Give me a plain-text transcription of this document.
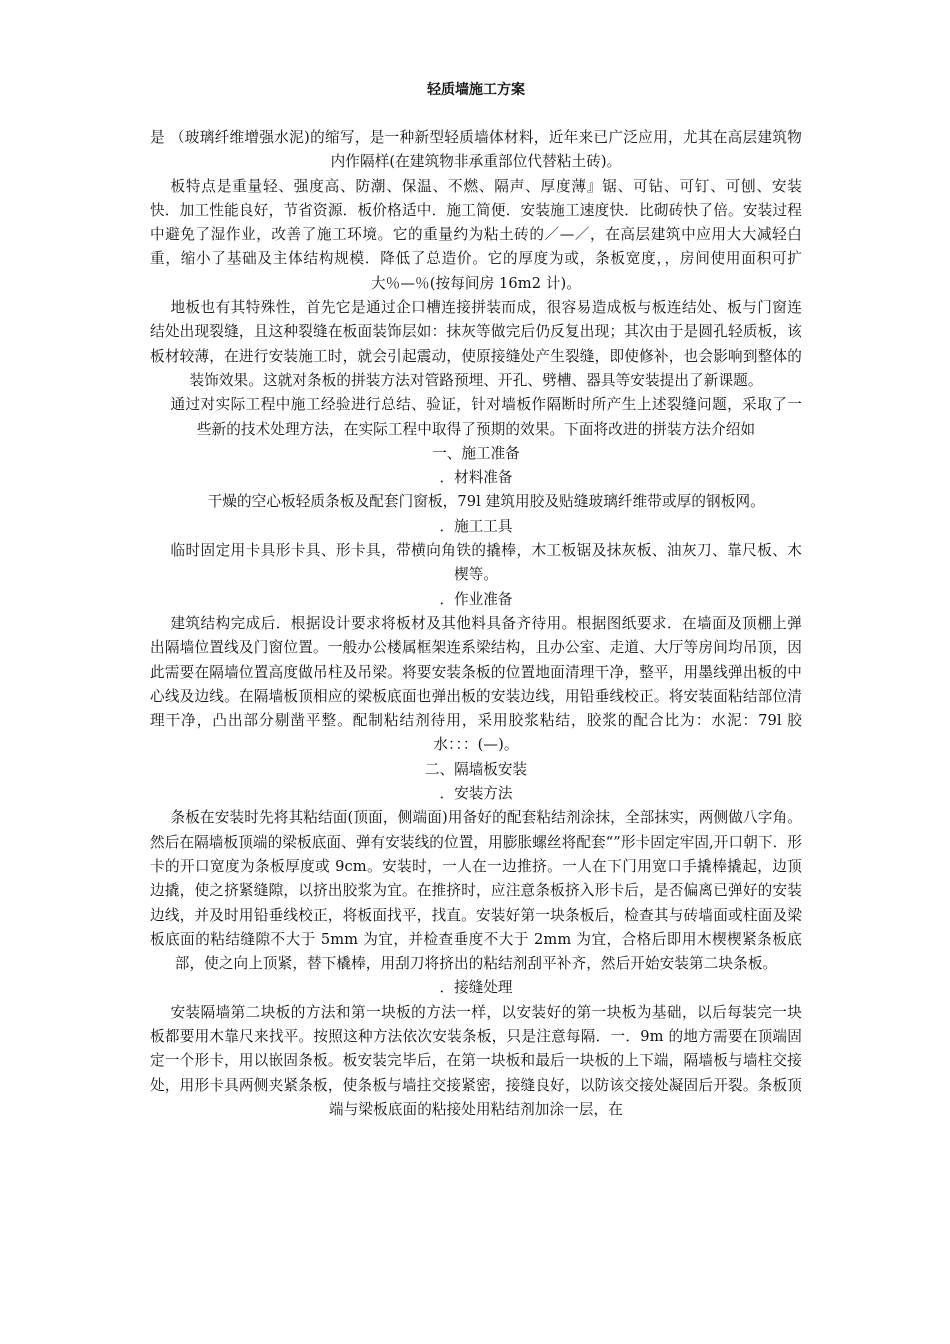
轻质墙施工方案

是 （玻璃纤维增强水泥)的缩写，是一种新型轻质墙体材料，近年来已广泛应用，尤其在高层建筑物内作隔样(在建筑物非承重部位代替粘土砖)。

板特点是重量轻、强度高、防潮、保温、不燃、隔声、厚度薄』锯、可钻、可钉、可刨、安装快．加工性能良好，节省资源．板价格适中．施工简便．安装施工速度快．比砌砖快了倍。安装过程中避免了湿作业，改善了施工环境。它的重量约为粘土砖的／—／，在高层建筑中应用大大减轻白重，缩小了基础及主体结构规模．降低了总造价。它的厚度为或，条板宽度，，房间使用面积可扩大％—％(按每间房 16m2 计)。

地板也有其特殊性，首先它是通过企口槽连接拼装而成，很容易造成板与板连结处、板与门窗连结处出现裂缝，且这种裂缝在板面装饰层如：抹灰等做完后仍反复出现；其次由于是圆孔轻质板，该板材较薄，在进行安装施工时，就会引起震动，使原接缝处产生裂缝，即使修补，也会影响到整体的装饰效果。这就对条板的拼装方法对管路预埋、开孔、劈槽、器具等安装提出了新课题。

通过对实际工程中施工经验进行总结、验证，针对墙板作隔断时所产生上述裂缝问题，采取了一些新的技术处理方法，在实际工程中取得了预期的效果。下面将改进的拼装方法介绍如

一、施工准备

．材料准备

干燥的空心板轻质条板及配套门窗板，79l 建筑用胶及贴缝玻璃纤维带或厚的钢板网。

．施工工具

临时固定用卡具形卡具、形卡具，带横向角铁的撬棒，木工板锯及抹灰板、油灰刀、靠尺板、木楔等。

．作业准备

建筑结构完成后．根据设计要求将板材及其他料具备齐待用。根据图纸要求．在墙面及顶棚上弹出隔墙位置线及门窗位置。一般办公楼属框架连系梁结构，且办公室、走道、大厅等房间均吊顶，因此需要在隔墙位置高度做吊柱及吊梁。将要安装条板的位置地面清理干净，整平，用墨线弹出板的中心线及边线。在隔墙板顶相应的梁板底面也弹出板的安装边线，用铅垂线校正。将安装面粘结部位清理干净，凸出部分剔凿平整。配制粘结剂待用，采用胶浆粘结，胶浆的配合比为：水泥：79l 胶水：：：(—)。

二、隔墙板安装

．安装方法

条板在安装时先将其粘结面(顶面，侧端面)用备好的配套粘结剂涂抹，全部抹实，两侧做八字角。然后在隔墙板顶端的梁板底面、弹有安装线的位置，用膨胀螺丝将配套“”形卡固定牢固,开口朝下．形卡的开口宽度为条板厚度或 9cm。安装时，一人在一边推挤。一人在下门用宽口手撬棒撬起，边顶边撬，使之挤紧缝隙，以挤出胶浆为宜。在推挤时，应注意条板挤入形卡后，是否偏离已弹好的安装边线，并及时用铅垂线校正，将板面找平，找直。安装好第一块条板后，检查其与砖墙面或柱面及梁板底面的粘结缝隙不大于 5mm 为宜，并检查垂度不大于 2mm 为宜，合格后即用木楔楔紧条板底部，使之向上顶紧，替下橇棒，用刮刀将挤出的粘结剂刮平补齐，然后开始安装第二块条板。

．接缝处理

安装隔墙第二块板的方法和第一块板的方法一样，以安装好的第一块板为基础，以后每装完一块板都要用木靠尺来找平。按照这种方法依次安装条板，只是注意每隔．一．9m 的地方需要在顶端固定一个形卡，用以嵌固条板。板安装完毕后，在第一块板和最后一块板的上下端，隔墙板与墙柱交接处，用形卡具两侧夹紧条板，使条板与墙拄交接紧密，接缝良好，以防该交接处凝固后开裂。条板顶端与梁板底面的粘接处用粘结剂加涂一层，在
